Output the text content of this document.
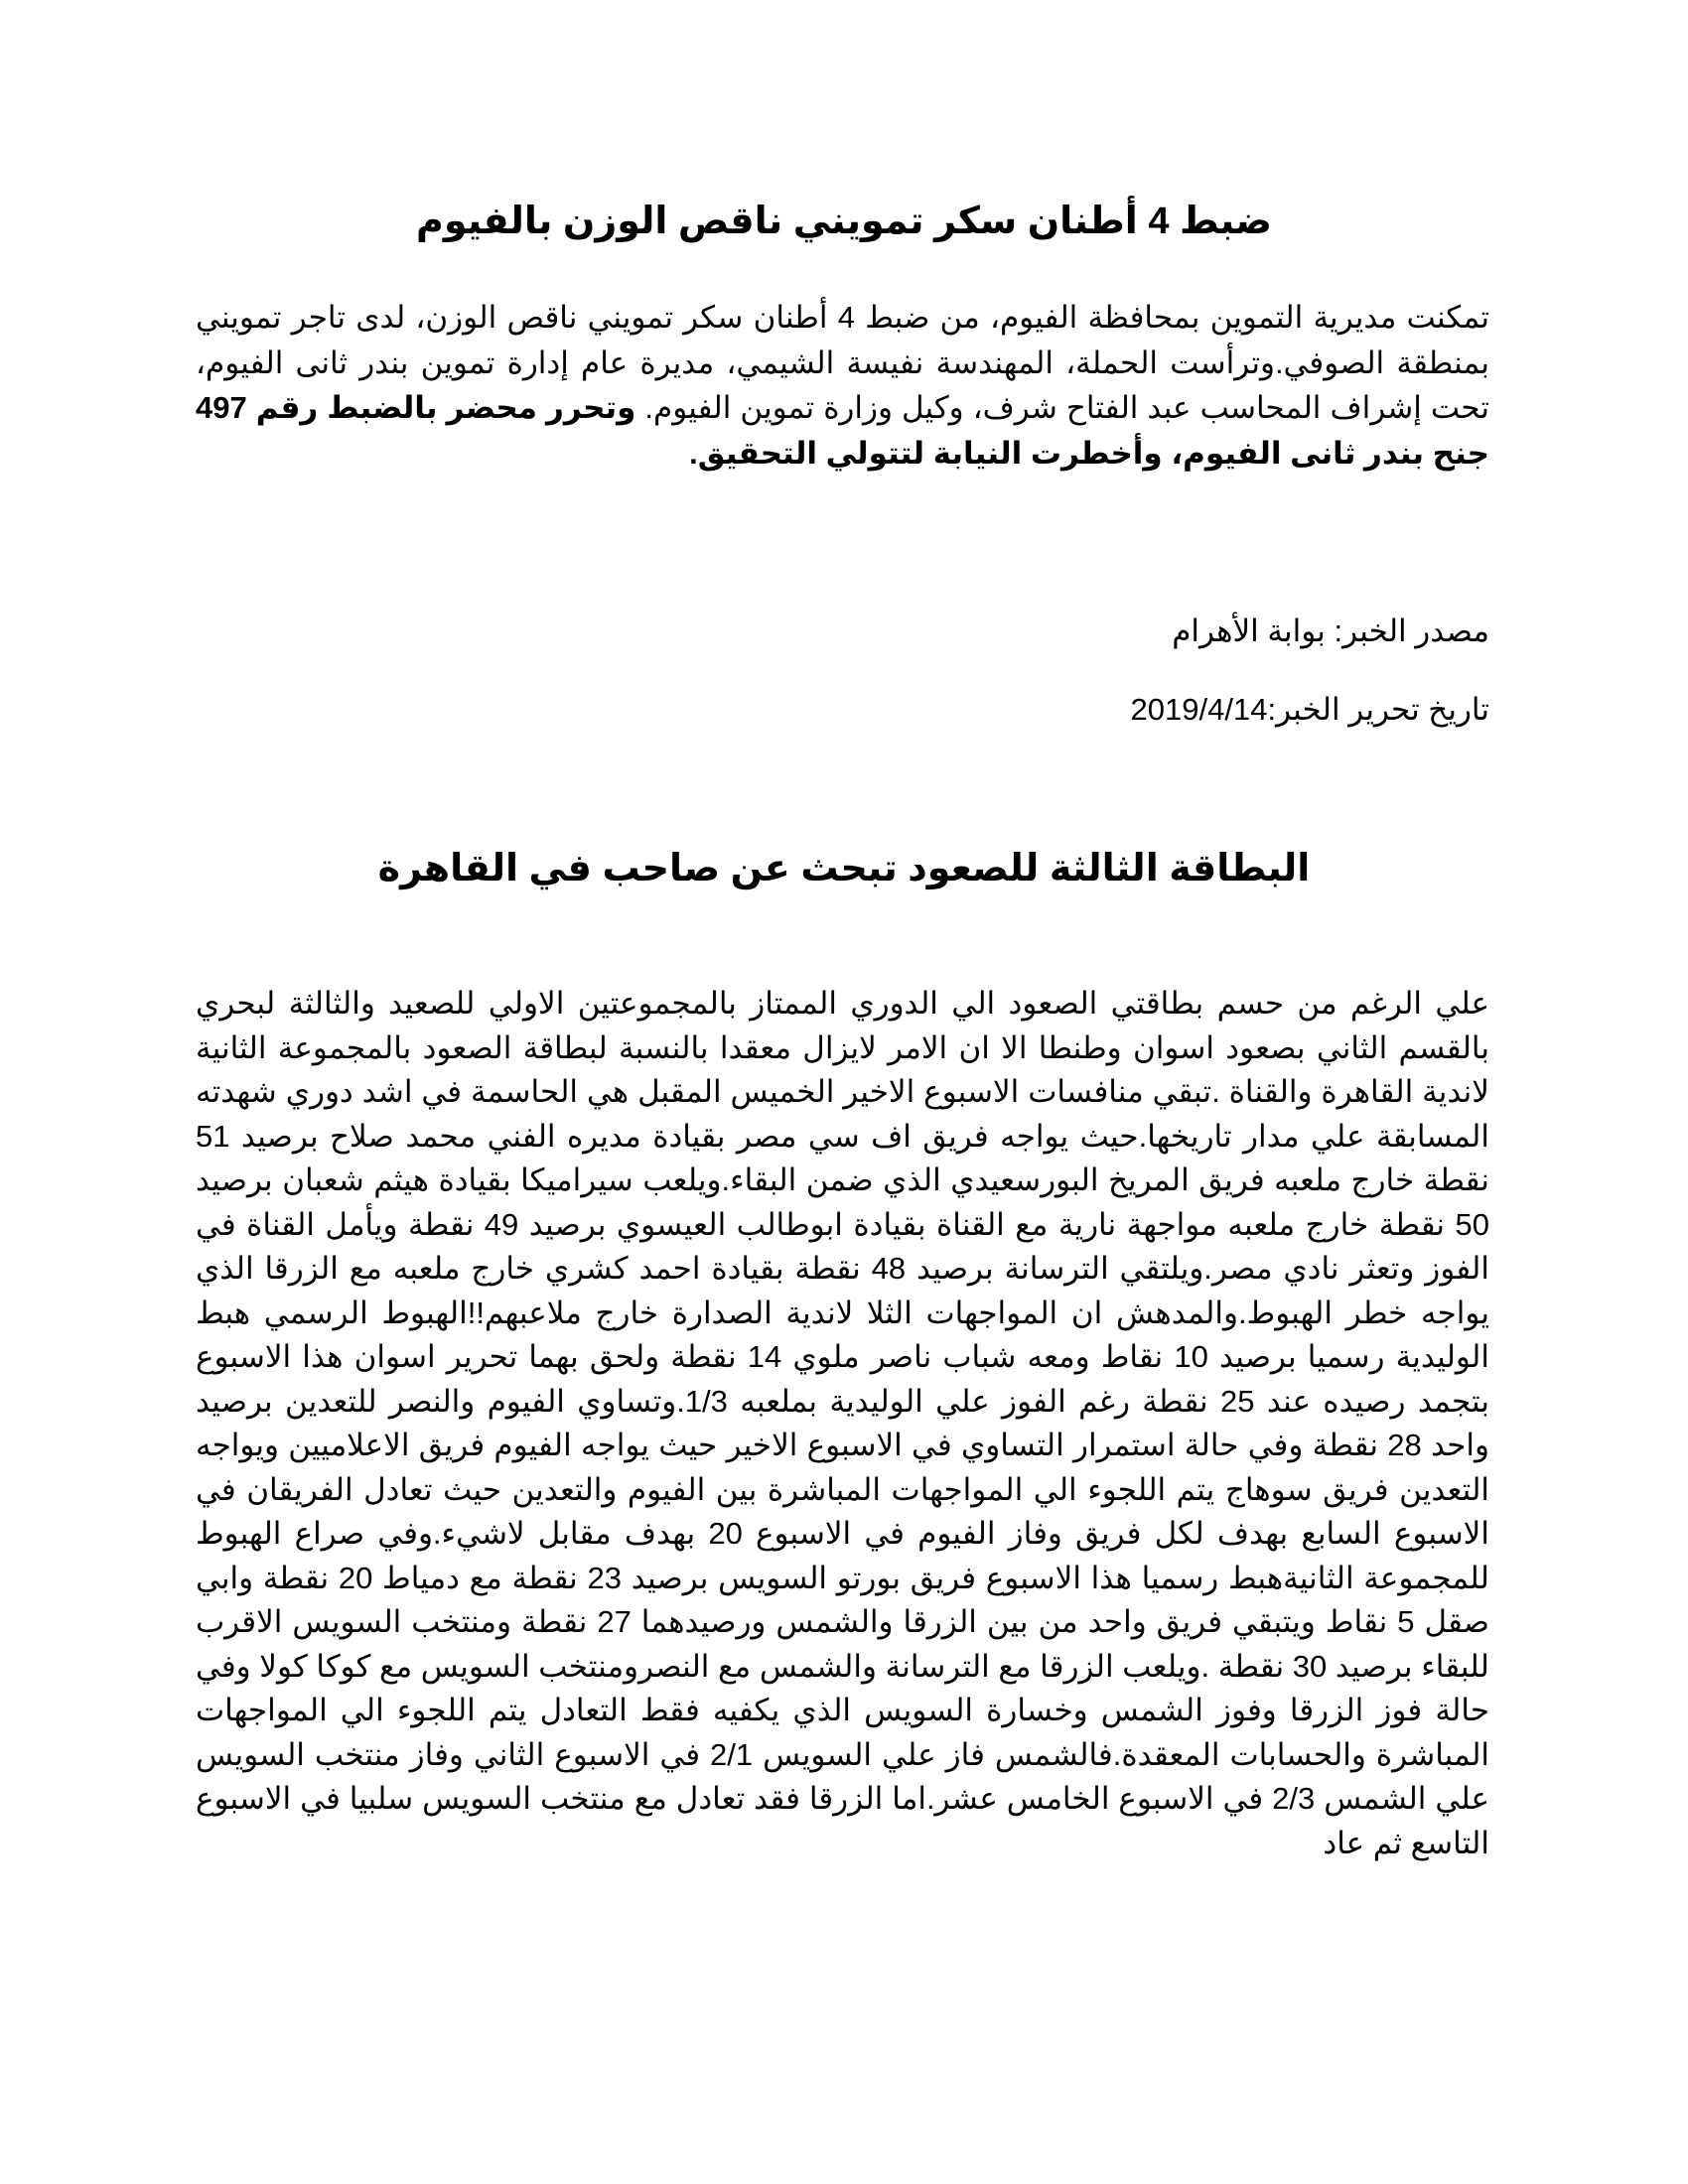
ضبط 4 أطنان سكر تمويني ناقص الوزن بالفيوم

تمكنت مديرية التموين بمحافظة الفيوم، من ضبط 4 أطنان سكر تمويني ناقص الوزن، لدى تاجر تمويني بمنطقة الصوفي.وترأست الحملة، المهندسة نفيسة الشيمي، مديرة عام إدارة تموين بندر ثانى الفيوم، تحت إشراف المحاسب عبد الفتاح شرف، وكيل وزارة تموين الفيوم. وتحرر محضر بالضبط رقم 497 جنح بندر ثانى الفيوم، وأخطرت النيابة لتتولي التحقيق.

مصدر الخبر: بوابة الأهرام

تاريخ تحرير الخبر:2019/4/14

البطاقة الثالثة للصعود تبحث عن صاحب في القاهرة

علي الرغم من حسم بطاقتي الصعود الي الدوري الممتاز بالمجموعتين الاولي للصعيد والثالثة لبحري بالقسم الثاني بصعود اسوان وطنطا الا ان الامر لايزال معقدا بالنسبة لبطاقة الصعود بالمجموعة الثانية لاندية القاهرة والقناة .تبقي منافسات الاسبوع الاخير الخميس المقبل هي الحاسمة في اشد دوري شهدته المسابقة علي مدار تاريخها.حيث يواجه فريق اف سي مصر بقيادة مديره الفني محمد صلاح برصيد 51 نقطة خارج ملعبه فريق المريخ البورسعيدي الذي ضمن البقاء.ويلعب سيراميكا بقيادة هيثم شعبان برصيد 50 نقطة خارج ملعبه مواجهة نارية مع القناة بقيادة ابوطالب العيسوي برصيد 49 نقطة ويأمل القناة في الفوز وتعثر نادي مصر.ويلتقي الترسانة برصيد 48 نقطة بقيادة احمد كشري خارج ملعبه مع الزرقا الذي يواجه خطر الهبوط.والمدهش ان المواجهات الثلا لاندية الصدارة خارج ملاعبهم!!الهبوط الرسمي هبط الوليدية رسميا برصيد 10 نقاط ومعه شباب ناصر ملوي 14 نقطة ولحق بهما تحرير اسوان هذا الاسبوع بتجمد رصيده عند 25 نقطة رغم الفوز علي الوليدية بملعبه 1/3.وتساوي الفيوم والنصر للتعدين برصيد واحد 28 نقطة وفي حالة استمرار التساوي في الاسبوع الاخير حيث يواجه الفيوم فريق الاعلاميين ويواجه التعدين فريق سوهاج يتم اللجوء الي المواجهات المباشرة بين الفيوم والتعدين حيث تعادل الفريقان في الاسبوع السابع بهدف لكل فريق وفاز الفيوم في الاسبوع 20 بهدف مقابل لاشيء.وفي صراع الهبوط للمجموعة الثانيةهبط رسميا هذا الاسبوع فريق بورتو السويس برصيد 23 نقطة مع دمياط 20 نقطة وابي صقل 5 نقاط ويتبقي فريق واحد من بين الزرقا والشمس ورصيدهما 27 نقطة ومنتخب السويس الاقرب للبقاء برصيد 30 نقطة .ويلعب الزرقا مع الترسانة والشمس مع النصرومنتخب السويس مع كوكا كولا وفي حالة فوز الزرقا وفوز الشمس وخسارة السويس الذي يكفيه فقط التعادل يتم اللجوء الي المواجهات المباشرة والحسابات المعقدة.فالشمس فاز علي السويس 2/1 في الاسبوع الثاني وفاز منتخب السويس علي الشمس 2/3 في الاسبوع الخامس عشر.اما الزرقا فقد تعادل مع منتخب السويس سلبيا في الاسبوع التاسع ثم عاد
